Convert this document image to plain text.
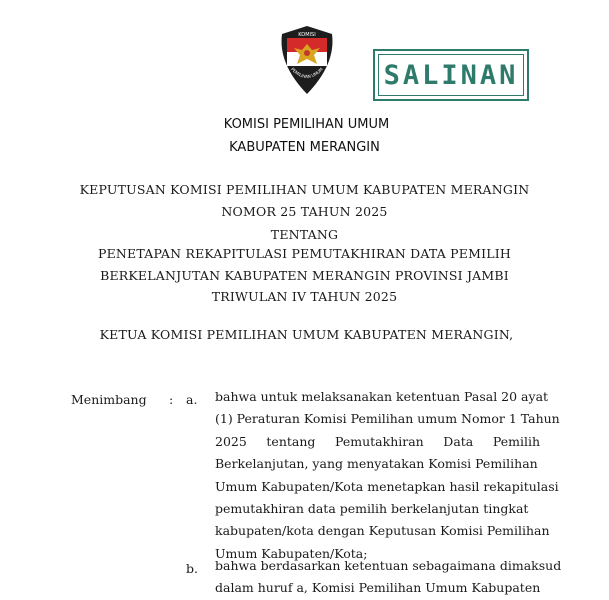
KOMISI
PEMILIHAN UMUM SALINAN
KOMISI PEMILIHAN UMUM
KABUPATEN MERANGIN
KEPUTUSAN KOMISI PEMILIHAN UMUM KABUPATEN MERANGIN
NOMOR 25 TAHUN 2025
TENTANG
PENETAPAN REKAPITULASI PEMUTAKHIRAN DATA PEMILIH
BERKELANJUTAN KABUPATEN MERANGIN PROVINSI JAMBI
TRIWULAN IV TAHUN 2025
KETUA KOMISI PEMILIHAN UMUM KABUPATEN MERANGIN,
Menimbang : a. bahwa untuk melaksanakan ketentuan Pasal 20 ayat
(1) Peraturan Komisi Pemilihan umum Nomor 1 Tahun
2025 tentang Pemutakhiran Data Pemilih
Berkelanjutan, yang menyatakan Komisi Pemilihan
Umum Kabupaten/Kota menetapkan hasil rekapitulasi
pemutakhiran data pemilih berkelanjutan tingkat
kabupaten/kota dengan Keputusan Komisi Pemilihan
Umum Kabupaten/Kota;
b. bahwa berdasarkan ketentuan sebagaimana dimaksud
dalam huruf a, Komisi Pemilihan Umum Kabupaten
